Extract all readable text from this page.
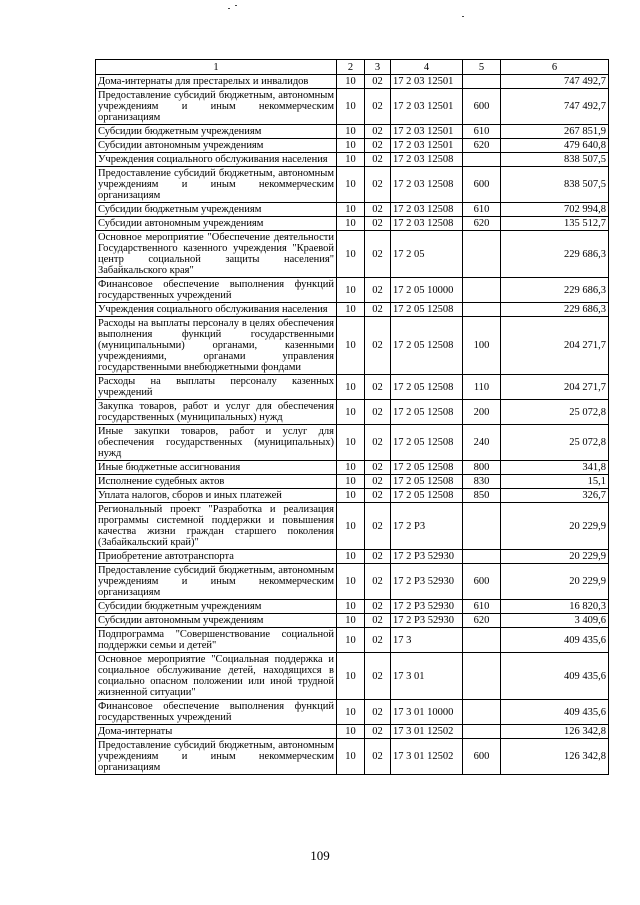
1	2	3	4	5	6
Дома-интернаты для престарелых и инвалидов	10	02	17 2 03 12501		747 492,7
Предоставление субсидий бюджетным, автономным учреждениям и иным некоммерческим организациям	10	02	17 2 03 12501	600	747 492,7
Субсидии бюджетным учреждениям	10	02	17 2 03 12501	610	267 851,9
Субсидии автономным учреждениям	10	02	17 2 03 12501	620	479 640,8
Учреждения социального обслуживания населения	10	02	17 2 03 12508		838 507,5
Предоставление субсидий бюджетным, автономным учреждениям и иным некоммерческим организациям	10	02	17 2 03 12508	600	838 507,5
Субсидии бюджетным учреждениям	10	02	17 2 03 12508	610	702 994,8
Субсидии автономным учреждениям	10	02	17 2 03 12508	620	135 512,7
Основное мероприятие "Обеспечение деятельности Государственного казенного учреждения "Краевой центр социальной защиты населения" Забайкальского края"	10	02	17 2 05		229 686,3
Финансовое обеспечение выполнения функций государственных учреждений	10	02	17 2 05 10000		229 686,3
Учреждения социального обслуживания населения	10	02	17 2 05 12508		229 686,3
Расходы на выплаты персоналу в целях обеспечения выполнения функций государственными (муниципальными) органами, казенными учреждениями, органами управления государственными внебюджетными фондами	10	02	17 2 05 12508	100	204 271,7
Расходы на выплаты персоналу казенных учреждений	10	02	17 2 05 12508	110	204 271,7
Закупка товаров, работ и услуг для обеспечения государственных (муниципальных) нужд	10	02	17 2 05 12508	200	25 072,8
Иные закупки товаров, работ и услуг для обеспечения государственных (муниципальных) нужд	10	02	17 2 05 12508	240	25 072,8
Иные бюджетные ассигнования	10	02	17 2 05 12508	800	341,8
Исполнение судебных актов	10	02	17 2 05 12508	830	15,1
Уплата налогов, сборов и иных платежей	10	02	17 2 05 12508	850	326,7
Региональный проект "Разработка и реализация программы системной поддержки и повышения качества жизни граждан старшего поколения (Забайкальский край)"	10	02	17 2 P3		20 229,9
Приобретение автотранспорта	10	02	17 2 P3 52930		20 229,9
Предоставление субсидий бюджетным, автономным учреждениям и иным некоммерческим организациям	10	02	17 2 P3 52930	600	20 229,9
Субсидии бюджетным учреждениям	10	02	17 2 P3 52930	610	16 820,3
Субсидии автономным учреждениям	10	02	17 2 P3 52930	620	3 409,6
Подпрограмма "Совершенствование социальной поддержки семьи и детей"	10	02	17 3		409 435,6
Основное мероприятие "Социальная поддержка и социальное обслуживание детей, находящихся в социально опасном положении или иной трудной жизненной ситуации"	10	02	17 3 01		409 435,6
Финансовое обеспечение выполнения функций государственных учреждений	10	02	17 3 01 10000		409 435,6
Дома-интернаты	10	02	17 3 01 12502		126 342,8
Предоставление субсидий бюджетным, автономным учреждениям и иным некоммерческим организациям	10	02	17 3 01 12502	600	126 342,8
109
